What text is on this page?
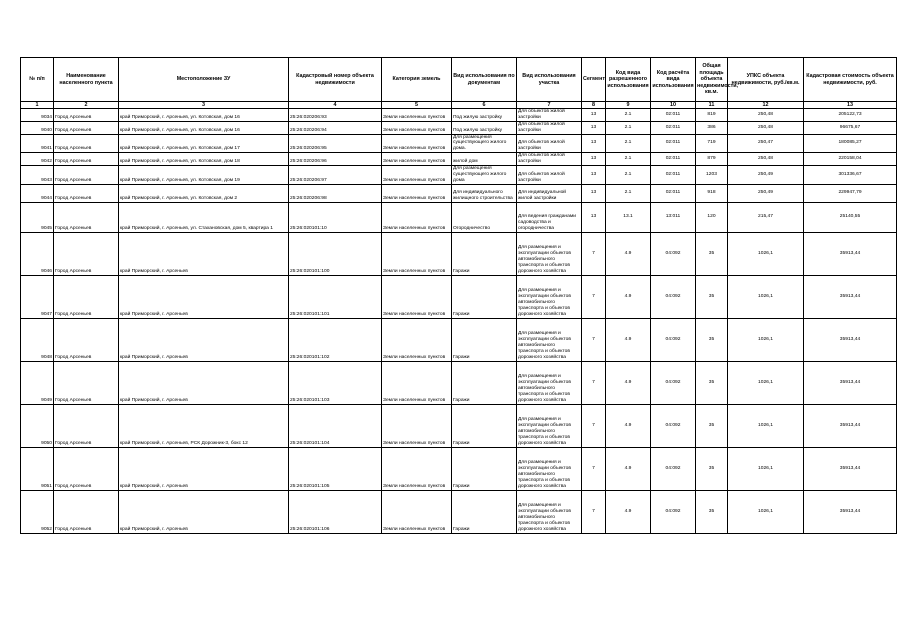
№ п/п	Наименование населенного пункта	Местоположение ЗУ	Кадастровый номер объекта недвижимости	Категория земель	Вид использования по документам	Вид использования участка	Сегмент	Код вида разрешенного использования	Код расчёта вида использования	Общая площадь объекта недвижимости, кв.м.	УПКС объекта недвижимости, руб./кв.м.	Кадастровая стоимость объекта недвижимости, руб.
1	2	3	4	5	6	7	8	9	10	11	12	13
9034	Город Арсеньев	край Приморский, г. Арсеньев, ул. Котовская, дом 16	25:26:020206:93	Земли населенных пунктов	Под жилую застройку	Для объектов жилой застройки	13	2.1	02:011	819	250,48	205122,73
9040	Город Арсеньев	край Приморский, г. Арсеньев, ул. Котовская, дом 16	25:26:020206:94	Земли населенных пунктов	Под жилую застройку	Для объектов жилой застройки	13	2.1	02:011	386	250,48	96675,67
9041	Город Арсеньев	край Приморский, г. Арсеньев, ул. Котовская, дом 17	25:26:020206:95	Земли населенных пунктов	Для размещения существующего жилого дома.	Для объектов жилой застройки	13	2.1	02:011	719	250,47	180085,27
9042	Город Арсеньев	край Приморский, г. Арсеньев, ул. Котовская, дом 18	25:26:020206:96	Земли населенных пунктов	жилой дом	Для объектов жилой застройки	13	2.1	02:011	879	250,48	220158,04
9043	Город Арсеньев	край Приморский, г. Арсеньев, ул. Котовская, дом 19	25:26:020206:97	Земли населенных пунктов	Для размещения существующего жилого дома	Для объектов жилой застройки	13	2.1	02:011	1203	250,49	301336,67
9044	Город Арсеньев	край Приморский, г. Арсеньев, ул. Котовская, дом 2	25:26:020206:98	Земли населенных пунктов	Для индивидуального жилищного строительства	Для индивидуальной жилой застройки	13	2.1	02:011	918	250,49	229947,79
9045	Город Арсеньев	край Приморский, г. Арсеньев, ул. Стахановская, дом 5, квартира 1	25:26:020101:10	Земли населенных пунктов	Огородничество	Для ведения гражданами садоводства и огородничества	13	13.1	13:011	120	215,47	25140,55
9046	Город Арсеньев	край Приморский, г. Арсеньев	25:26:020101:100	Земли населенных пунктов	Гаражи	Для размещения и эксплуатации объектов автомобильного транспорта и объектов дорожного хозяйства	7	4.9	04:092	35	1026,1	35913,44
9047	Город Арсеньев	край Приморский, г. Арсеньев	25:26:020101:101	Земли населенных пунктов	Гаражи	Для размещения и эксплуатации объектов автомобильного транспорта и объектов дорожного хозяйства	7	4.9	04:092	35	1026,1	35913,44
9048	Город Арсеньев	край Приморский, г. Арсеньев	25:26:020101:102	Земли населенных пунктов	Гаражи	Для размещения и эксплуатации объектов автомобильного транспорта и объектов дорожного хозяйства	7	4.9	04:092	35	1026,1	35913,44
9049	Город Арсеньев	край Приморский, г. Арсеньев	25:26:020101:103	Земли населенных пунктов	Гаражи	Для размещения и эксплуатации объектов автомобильного транспорта и объектов дорожного хозяйства	7	4.9	04:092	35	1026,1	35913,44
9050	Город Арсеньев	край Приморский, г. Арсеньев, РСК Дорожник-3, бокс 12	25:26:020101:104	Земли населенных пунктов	Гаражи	Для размещения и эксплуатации объектов автомобильного транспорта и объектов дорожного хозяйства	7	4.9	04:092	35	1026,1	35913,44
9051	Город Арсеньев	край Приморский, г. Арсеньев	25:26:020101:105	Земли населенных пунктов	Гаражи	Для размещения и эксплуатации объектов автомобильного транспорта и объектов дорожного хозяйства	7	4.9	04:092	35	1026,1	35913,44
9052	Город Арсеньев	край Приморский, г. Арсеньев	25:26:020101:106	Земли населенных пунктов	Гаражи	Для размещения и эксплуатации объектов автомобильного транспорта и объектов дорожного хозяйства	7	4.9	04:092	35	1026,1	35913,44
